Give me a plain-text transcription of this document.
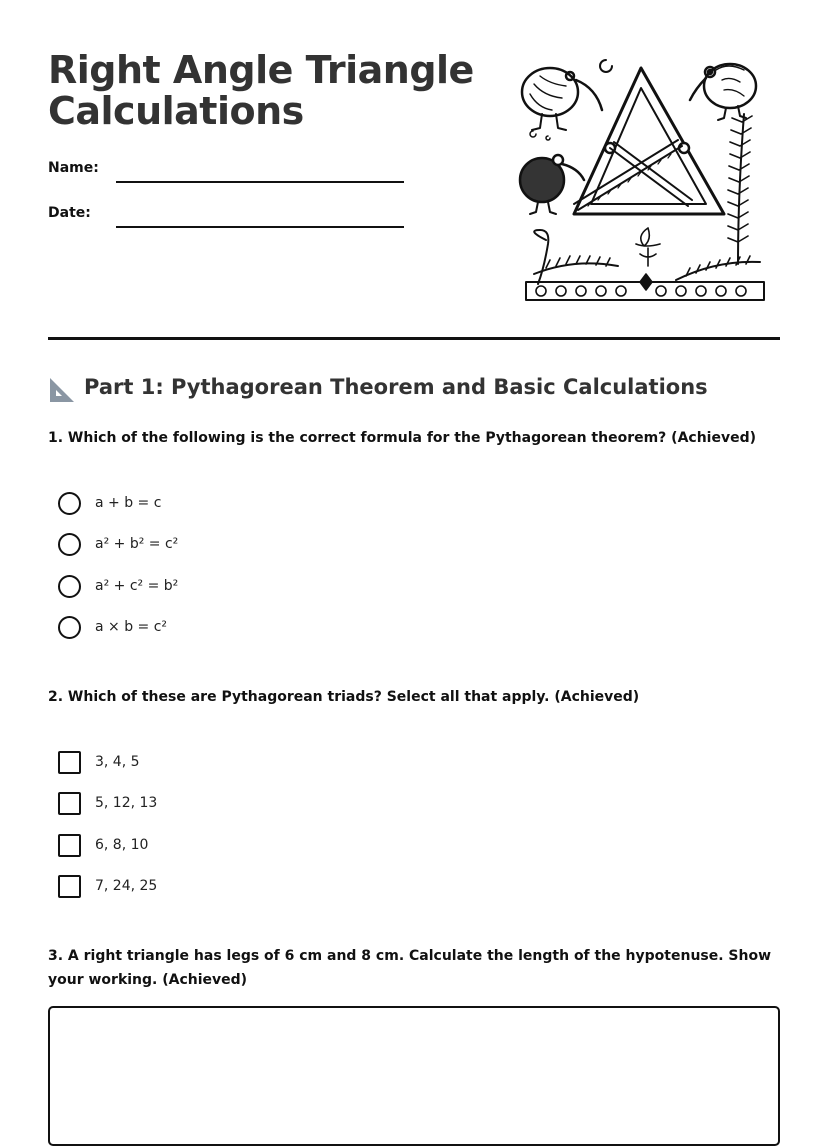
Right Angle Triangle
Calculations
Name:
Date:
Part 1: Pythagorean Theorem and Basic Calculations

1. Which of the following is the correct formula for the Pythagorean theorem? (Achieved)

a + b = c
a² + b² = c²
a² + c² = b²
a × b = c²

2. Which of these are Pythagorean triads? Select all that apply. (Achieved)

3, 4, 5
5, 12, 13
6, 8, 10
7, 24, 25

3. A right triangle has legs of 6 cm and 8 cm. Calculate the length of the hypotenuse. Show your working. (Achieved)
